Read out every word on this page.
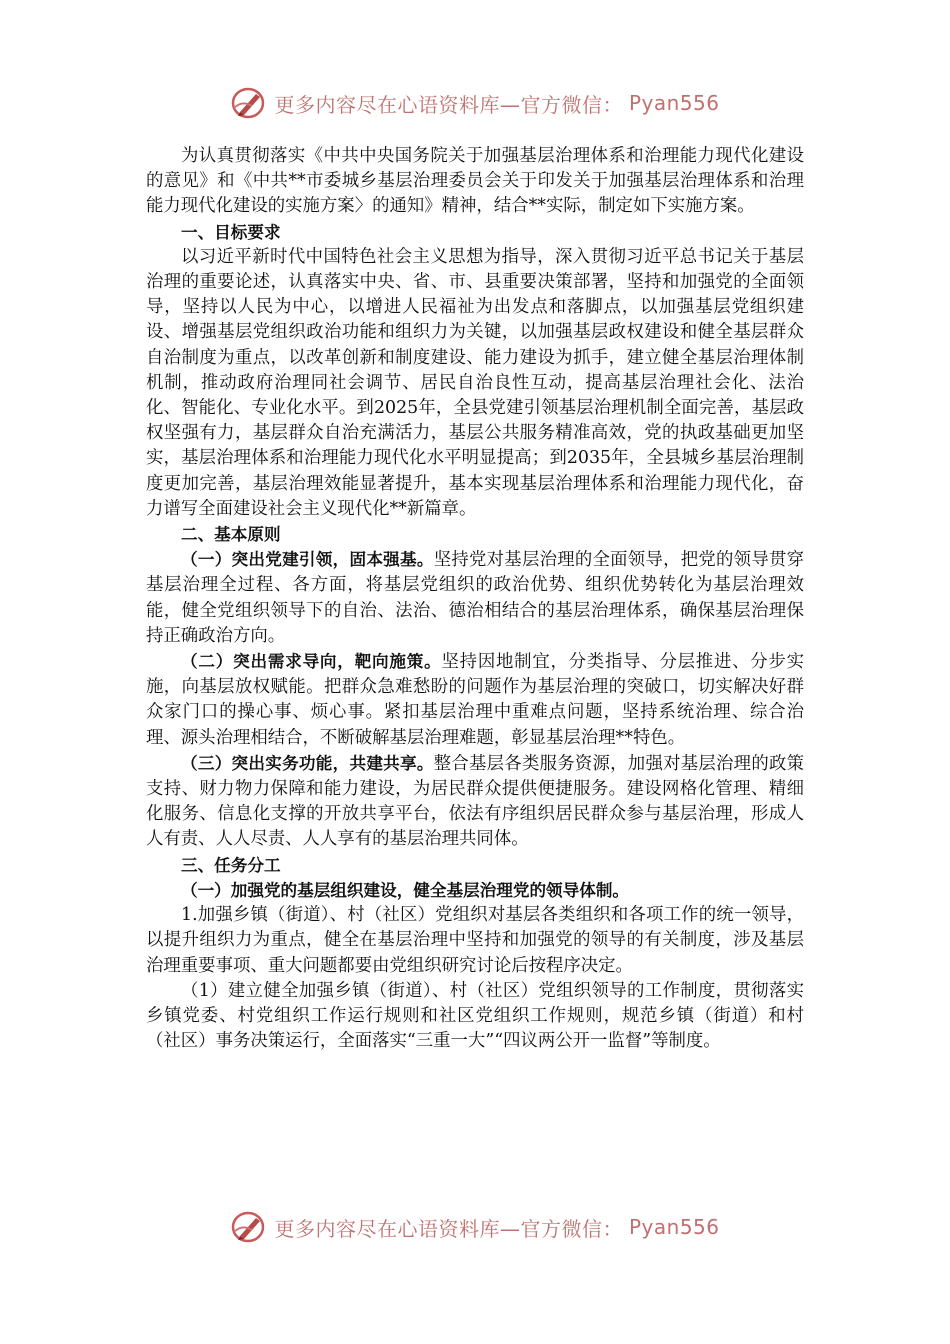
更多内容尽在心语资料库—官方微信： Pyan556

为认真贯彻落实《中共中央国务院关于加强基层治理体系和治理能力现代化建设的意见》和《中共**市委城乡基层治理委员会关于印发关于加强基层治理体系和治理能力现代化建设的实施方案〉的通知》精神，结合**实际，制定如下实施方案。

一、目标要求

以习近平新时代中国特色社会主义思想为指导，深入贯彻习近平总书记关于基层治理的重要论述，认真落实中央、省、市、县重要决策部署，坚持和加强党的全面领导，坚持以人民为中心，以增进人民福祉为出发点和落脚点，以加强基层党组织建设、增强基层党组织政治功能和组织力为关键，以加强基层政权建设和健全基层群众自治制度为重点，以改革创新和制度建设、能力建设为抓手，建立健全基层治理体制机制，推动政府治理同社会调节、居民自治良性互动，提高基层治理社会化、法治化、智能化、专业化水平。到2025年，全县党建引领基层治理机制全面完善，基层政权坚强有力，基层群众自治充满活力，基层公共服务精准高效，党的执政基础更加坚实，基层治理体系和治理能力现代化水平明显提高；到2035年，全县城乡基层治理制度更加完善，基层治理效能显著提升，基本实现基层治理体系和治理能力现代化，奋力谱写全面建设社会主义现代化**新篇章。

二、基本原则

（一）突出党建引领，固本强基。坚持党对基层治理的全面领导，把党的领导贯穿基层治理全过程、各方面，将基层党组织的政治优势、组织优势转化为基层治理效能，健全党组织领导下的自治、法治、德治相结合的基层治理体系，确保基层治理保持正确政治方向。

（二）突出需求导向，靶向施策。坚持因地制宜，分类指导、分层推进、分步实施，向基层放权赋能。把群众急难愁盼的问题作为基层治理的突破口，切实解决好群众家门口的操心事、烦心事。紧扣基层治理中重难点问题，坚持系统治理、综合治理、源头治理相结合，不断破解基层治理难题，彰显基层治理**特色。

（三）突出实务功能，共建共享。整合基层各类服务资源，加强对基层治理的政策支持、财力物力保障和能力建设，为居民群众提供便捷服务。建设网格化管理、精细化服务、信息化支撑的开放共享平台，依法有序组织居民群众参与基层治理，形成人人有责、人人尽责、人人享有的基层治理共同体。

三、任务分工

（一）加强党的基层组织建设，健全基层治理党的领导体制。

1.加强乡镇（街道）、村（社区）党组织对基层各类组织和各项工作的统一领导，以提升组织力为重点，健全在基层治理中坚持和加强党的领导的有关制度，涉及基层治理重要事项、重大问题都要由党组织研究讨论后按程序决定。

（1）建立健全加强乡镇（街道）、村（社区）党组织领导的工作制度，贯彻落实乡镇党委、村党组织工作运行规则和社区党组织工作规则，规范乡镇（街道）和村（社区）事务决策运行，全面落实“三重一大”“四议两公开一监督”等制度。

更多内容尽在心语资料库—官方微信： Pyan556
